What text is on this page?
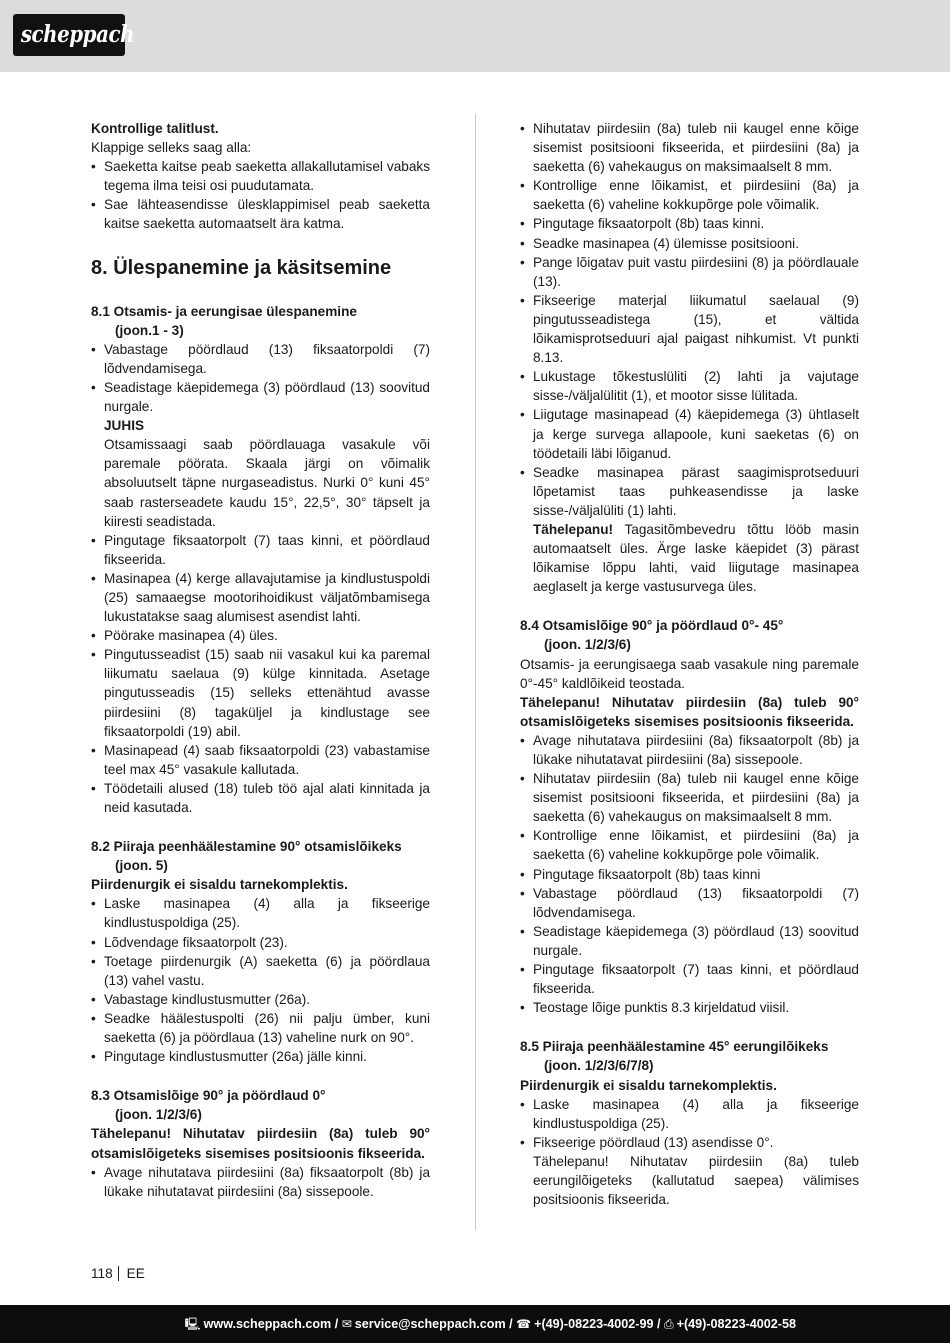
scheppach
Kontrollige talitlust.
Klappige selleks saag alla:
• Saeketta kaitse peab saeketta allakallutamisel vabaks tegema ilma teisi osi puudutamata.
• Sae lähteasendisse ülesklappimisel peab saeketta kaitse saeketta automaatselt ära katma.
8. Ülespanemine ja käsitsemine
8.1 Otsamis- ja eerungisae ülespanemine
(joon.1 - 3)
• Vabastage pöördlaud (13) fiksaatorpoldi (7) lõdvendamisega.
• Seadistage käepidemega (3) pöördlaud (13) soovitud nurgale.
JUHIS
Otsamissaagi saab pöördlauaga vasakule või paremale pöörata. Skaala järgi on võimalik absoluutselt täpne nurgaseadistus. Nurki 0° kuni 45° saab rasterseadete kaudu 15°, 22,5°, 30° täpselt ja kiiresti seadistada.
• Pingutage fiksaatorpolt (7) taas kinni, et pöördlaud fikseerida.
• Masinapea (4) kerge allavajutamise ja kindlustuspoldi (25) samaaegse mootorihoidikust väljatõmbamisega lukustatakse saag alumisest asendist lahti.
• Pöörake masinapea (4) üles.
• Pingutusseadist (15) saab nii vasakul kui ka paremal liikumatu saelaua (9) külge kinnitada. Asetage pingutusseadis (15) selleks ettenähtud avasse piirdesiini (8) tagaküljel ja kindlustage see fiksaatorpoldi (19) abil.
• Masinapead (4) saab fiksaatorpoldi (23) vabastamise teel max 45° vasakule kallutada.
• Töödetaili alused (18) tuleb töö ajal alati kinnitada ja neid kasutada.
8.2 Piiraja peenhäälestamine 90° otsamislõikeks
(joon. 5)
Piirdenurgik ei sisaldu tarnekomplektis.
• Laske masinapea (4) alla ja fikseerige kindlustuspoldiga (25).
• Lõdvendage fiksaatorpolt (23).
• Toetage piirdenurgik (A) saeketta (6) ja pöördlaua (13) vahel vastu.
• Vabastage kindlustusmutter (26a).
• Seadke häälestuspolti (26) nii palju ümber, kuni saeketta (6) ja pöördlaua (13) vaheline nurk on 90°.
• Pingutage kindlustusmutter (26a) jälle kinni.
8.3 Otsamislõige 90° ja pöördlaud 0°
(joon. 1/2/3/6)
Tähelepanu! Nihutatav piirdesiin (8a) tuleb 90° otsamislõigeteks sisemises positsioonis fikseerida.
• Avage nihutatava piirdesiini (8a) fiksaatorpolt (8b) ja lükake nihutatavat piirdesiini (8a) sissepoole.
• Nihutatav piirdesiin (8a) tuleb nii kaugel enne kõige sisemist positsiooni fikseerida, et piirdesiini (8a) ja saeketta (6) vahekaugus on maksimaalselt 8 mm.
• Kontrollige enne lõikamist, et piirdesiini (8a) ja saeketta (6) vaheline kokkupõrge pole võimalik.
• Pingutage fiksaatorpolt (8b) taas kinni.
• Seadke masinapea (4) ülemisse positsiooni.
• Pange lõigatav puit vastu piirdesiini (8) ja pöördlauale (13).
• Fikseerige materjal liikumatul saelaual (9) pingutusseadistega (15), et vältida lõikamisprotseduuri ajal paigast nihkumist. Vt punkti 8.13.
• Lukustage tõkestuslüliti (2) lahti ja vajutage sisse-/väljalülitit (1), et mootor sisse lülitada.
• Liigutage masinapead (4) käepidemega (3) ühtlaselt ja kerge survega allapoole, kuni saeketas (6) on töödetaili läbi lõiganud.
• Seadke masinapea pärast saagimisprotseduuri lõpetamist taas puhkeasendisse ja laske sisse-/väljalüliti (1) lahti.
Tähelepanu! Tagasitõmbevedru tõttu lööb masin automaatselt üles. Ärge laske käepidet (3) pärast lõikamise lõppu lahti, vaid liigutage masinapea aeglaselt ja kerge vastusurvega üles.
8.4 Otsamislõige 90° ja pöördlaud 0°- 45°
(joon. 1/2/3/6)
Otsamis- ja eerungisaega saab vasakule ning paremale 0°-45° kaldlõikeid teostada.
Tähelepanu! Nihutatav piirdesiin (8a) tuleb 90° otsamislõigeteks sisemises positsioonis fikseerida.
• Avage nihutatava piirdesiini (8a) fiksaatorpolt (8b) ja lükake nihutatavat piirdesiini (8a) sissepoole.
• Nihutatav piirdesiin (8a) tuleb nii kaugel enne kõige sisemist positsiooni fikseerida, et piirdesiini (8a) ja saeketta (6) vahekaugus on maksimaalselt 8 mm.
• Kontrollige enne lõikamist, et piirdesiini (8a) ja saeketta (6) vaheline kokkupõrge pole võimalik.
• Pingutage fiksaatorpolt (8b) taas kinni
• Vabastage pöördlaud (13) fiksaatorpoldi (7) lõdvendamisega.
• Seadistage käepidemega (3) pöördlaud (13) soovitud nurgale.
• Pingutage fiksaatorpolt (7) taas kinni, et pöördlaud fikseerida.
• Teostage lõige punktis 8.3 kirjeldatud viisil.
8.5 Piiraja peenhäälestamine 45° eerungilõikeks
(joon. 1/2/3/6/7/8)
Piirdenurgik ei sisaldu tarnekomplektis.
• Laske masinapea (4) alla ja fikseerige kindlustuspoldiga (25).
• Fikseerige pöördlaud (13) asendisse 0°.
Tähelepanu! Nihutatav piirdesiin (8a) tuleb eerungilõigeteks (kallutatud saepea) välimises positsioonis fikseerida.
118 EE
🖳 www.scheppach.com / ✉ service@scheppach.com / ☎ +(49)-08223-4002-99 / ⎙ +(49)-08223-4002-58
